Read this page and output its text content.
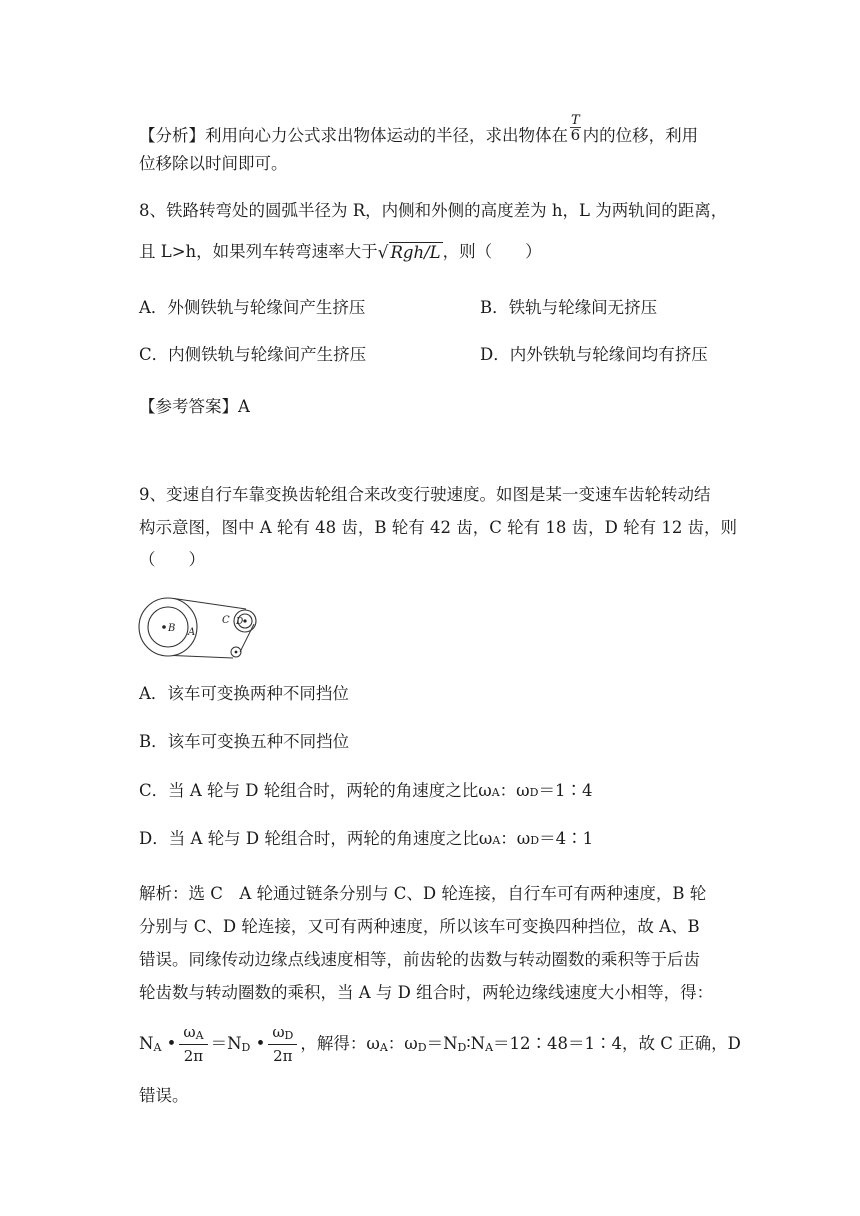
【分析】利用向心力公式求出物体运动的半径，求出物体在 $\frac{T}{6}$ 内的位移，利用
位移除以时间即可。
8、铁路转弯处的圆弧半径为 R，内侧和外侧的高度差为 h，L 为两轨间的距离，
且 L>h，如果列车转弯速率大于√ Rgh/L ，则（　　）
A．外侧铁轨与轮缘间产生挤压	B．铁轨与轮缘间无挤压
C．内侧铁轨与轮缘间产生挤压	D．内外铁轨与轮缘间均有挤压
【参考答案】A
9、变速自行车靠变换齿轮组合来改变行驶速度。如图是某一变速车齿轮转动结
构示意图，图中 A 轮有 48 齿，B 轮有 42 齿，C 轮有 18 齿，D 轮有 12 齿，则
（　　）
B A
C D
A．该车可变换两种不同挡位
B．该车可变换五种不同挡位
C．当 A 轮与 D 轮组合时，两轮的角速度之比ωA：ωD＝1∶4
D．当 A 轮与 D 轮组合时，两轮的角速度之比ωA：ωD＝4∶1
解析：选 C　A 轮通过链条分别与 C、D 轮连接，自行车可有两种速度，B 轮
分别与 C、D 轮连接，又可有两种速度，所以该车可变换四种挡位，故 A、B
错误。同缘传动边缘点线速度相等，前齿轮的齿数与转动圈数的乘积等于后齿
轮齿数与转动圈数的乘积，当 A 与 D 组合时，两轮边缘线速度大小相等，得：
NA • $\frac{\omega A}{2\pi} =ND$ • $\frac{\omega D}{2\pi}$ ，解得：ωA：ωD＝ND∶NA＝12∶48＝1∶4，故 C 正确，D
错误。
